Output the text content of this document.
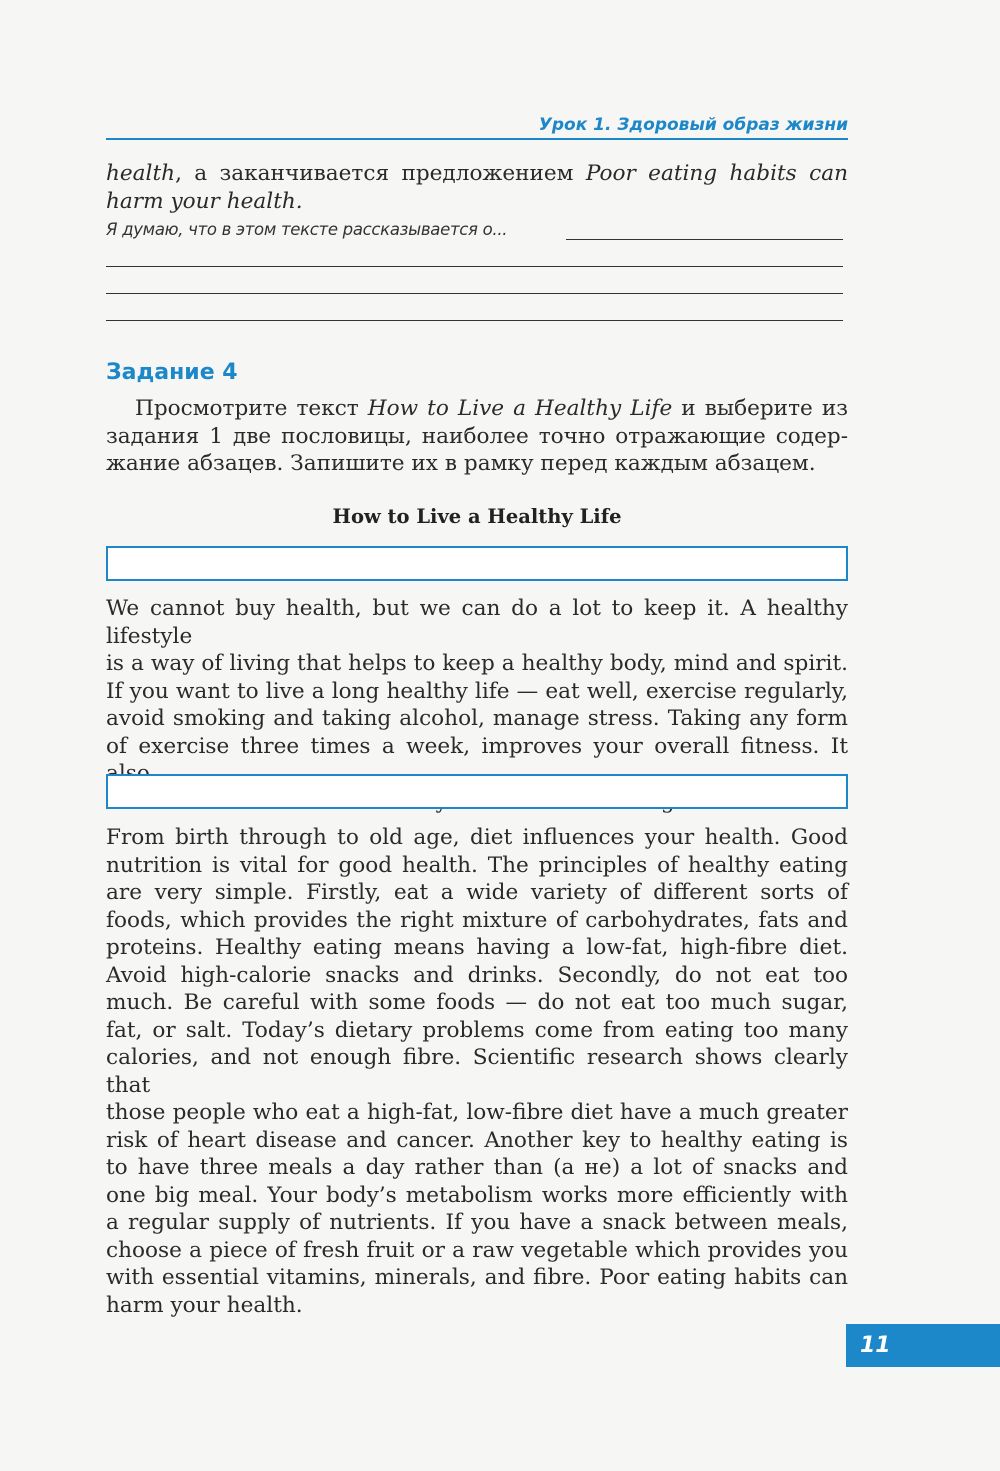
Урок 1. Здоровый образ жизни

health, а заканчивается предложением Poor eating habits can

harm your health.

Я думаю, что в этом тексте рассказывается о...
Задание 4

Просмотрите текст How to Live a Healthy Life и выберите из задания 1 две пословицы, наиболее точно отражающие содержание абзацев. Запишите их в рамку перед каждым абзацем.

How to Live a Healthy Life

We cannot buy health, but we can do a lot to keep it. A healthy lifestyle

is a way of living that helps to keep a healthy body, mind and spirit.

If you want to live a long healthy life — eat well, exercise regularly,

avoid smoking and taking alcohol, manage stress. Taking any form

of exercise three times a week, improves your overall fitness. It

From birth through to old age, diet influences your health. Good

nutrition is vital for good health. The principles of healthy eating

are very simple. Firstly, eat a wide variety of different sorts of

foods, which provides the right mixture of carbohydrates, fats and

proteins. Healthy eating means having a low-fat, high-fibre diet.

Avoid high-calorie snacks and drinks. Secondly, do not eat too

much. Be careful with some foods — do not eat too much sugar,

fat, or salt. Today’s dietary problems come from eating too many

calories, and not enough fibre. Scientific research shows clearly that

those people who eat a high-fat, low-fibre diet have a much greater

risk of heart disease and cancer. Another key to healthy eating is

to have three meals a day rather than (а не) a lot of snacks and

one big meal. Your body’s metabolism works more efficiently with

a regular supply of nutrients. If you have a snack between meals,

choose a piece of fresh fruit or a raw vegetable which provides you

with essential vitamins, minerals, and fibre. Poor eating habits can

harm your health.

11
